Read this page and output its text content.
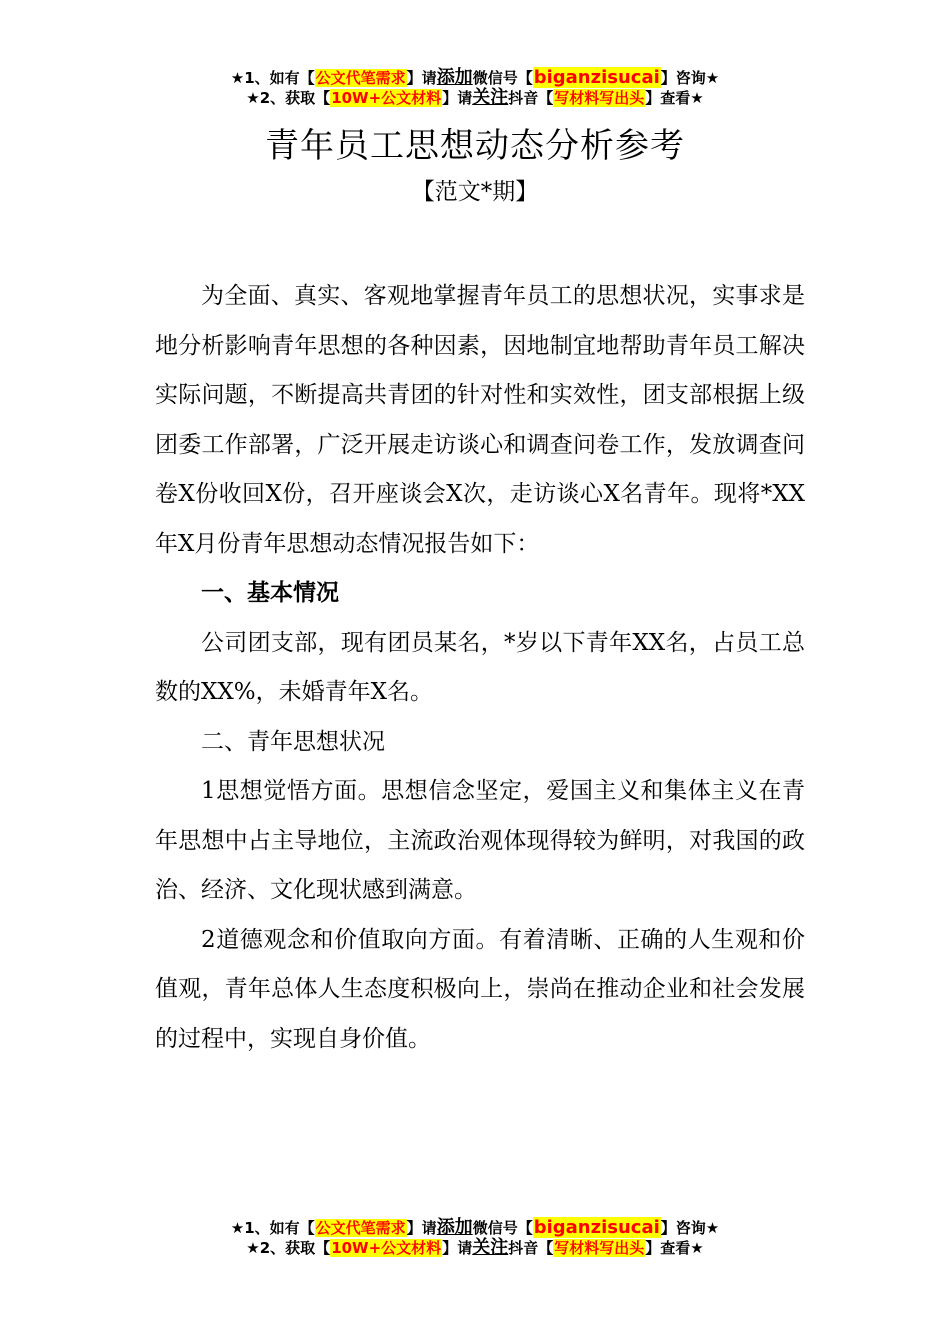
★1、如有【公文代笔需求】请添加微信号【biganzisucai】咨询★
★2、获取【10W+公文材料】请关注抖音【写材料写出头】查看★
青年员工思想动态分析参考
【范文*期】

为全面、真实、客观地掌握青年员工的思想状况，实事求是地分析影响青年思想的各种因素，因地制宜地帮助青年员工解决实际问题，不断提高共青团的针对性和实效性，团支部根据上级团委工作部署，广泛开展走访谈心和调查问卷工作，发放调查问卷X份收回X份，召开座谈会X次，走访谈心X名青年。现将*XX年X月份青年思想动态情况报告如下：

一、基本情况

公司团支部，现有团员某名，*岁以下青年XX名，占员工总数的XX%，未婚青年X名。

二、青年思想状况

1思想觉悟方面。思想信念坚定，爱国主义和集体主义在青年思想中占主导地位，主流政治观体现得较为鲜明，对我国的政治、经济、文化现状感到满意。

2道德观念和价值取向方面。有着清晰、正确的人生观和价值观，青年总体人生态度积极向上，崇尚在推动企业和社会发展的过程中，实现自身价值。

★1、如有【公文代笔需求】请添加微信号【biganzisucai】咨询★
★2、获取【10W+公文材料】请关注抖音【写材料写出头】查看★
